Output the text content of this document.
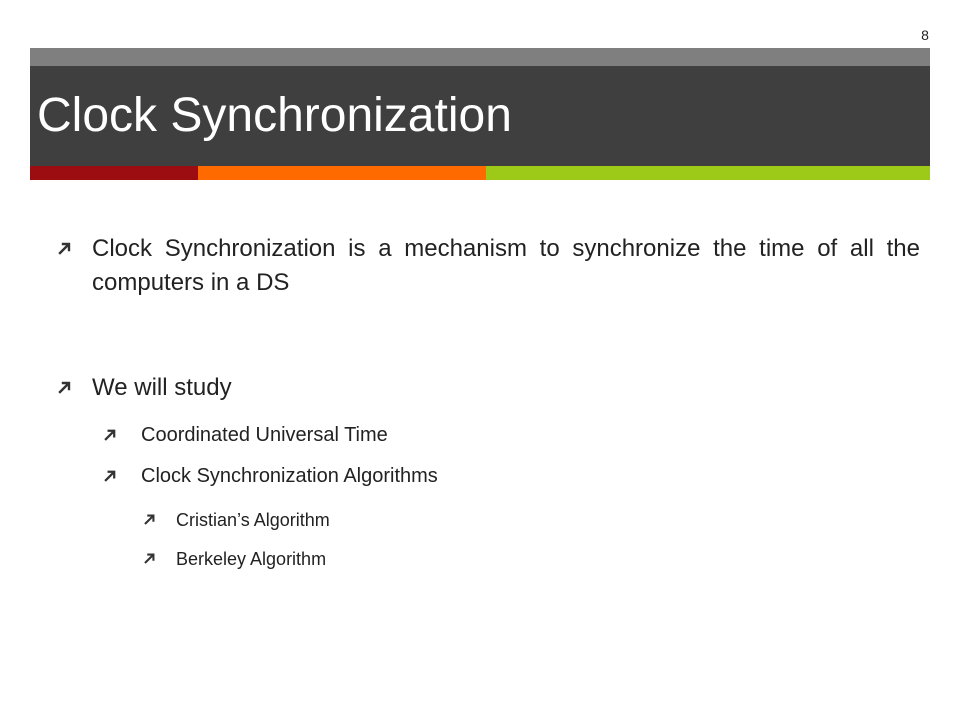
8
Clock Synchronization
Clock Synchronization is a mechanism to synchronize the time of all the computers in a DS
We will study
Coordinated Universal Time
Clock Synchronization Algorithms
Cristian’s Algorithm
Berkeley Algorithm
